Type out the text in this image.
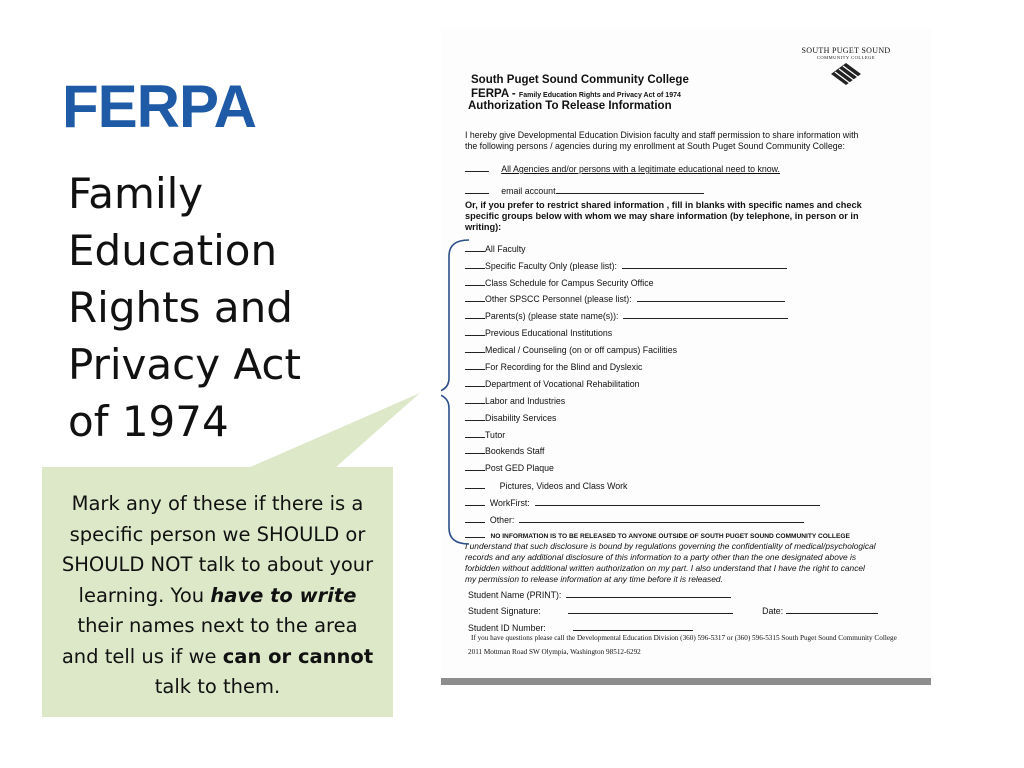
FERPA
Family
Education
Rights and
Privacy Act
of 1974
Mark any of these if there is a specific person we SHOULD or SHOULD NOT talk to about your learning. You have to write their names next to the area and tell us if we can or cannot talk to them.
SOUTH PUGET SOUND
COMMUNITY COLLEGE
South Puget Sound Community College
FERPA - Family Education Rights and Privacy Act of 1974
Authorization To Release Information
I hereby give Developmental Education Division faculty and staff permission to share information with
the following persons / agencies during my enrollment at South Puget Sound Community College:
All Agencies and/or persons with a legitimate educational need to know.
email account
Or, if you prefer to restrict shared information , fill in blanks with specific names and check
specific groups below with whom we may share information (by telephone, in person or in
writing):
All Faculty
Specific Faculty Only (please list):
Class Schedule for Campus Security Office
Other SPSCC Personnel (please list):
Parents(s) (please state name(s)):
Previous Educational Institutions
Medical / Counseling (on or off campus) Facilities
For Recording for the Blind and Dyslexic
Department of Vocational Rehabilitation
Labor and Industries
Disability Services
Tutor
Bookends Staff
Post GED Plaque
Pictures, Videos and Class Work
WorkFirst:
Other:
NO INFORMATION IS TO BE RELEASED TO ANYONE OUTSIDE OF SOUTH PUGET SOUND COMMUNITY COLLEGE
I understand that such disclosure is bound by regulations governing the confidentiality of medical/psychological
records and any additional disclosure of this information to a party other than the one designated above is
forbidden without additional written authorization on my part. I also understand that I have the right to cancel
my permission to release information at any time before it is released.
Student Name (PRINT):
Student Signature:	Date:
Student ID Number:
If you have questions please call the Developmental Education Division (360) 596-5317 or (360) 596-5315 South Puget Sound Community College
2011 Mottman Road SW Olympia, Washington 98512-6292
